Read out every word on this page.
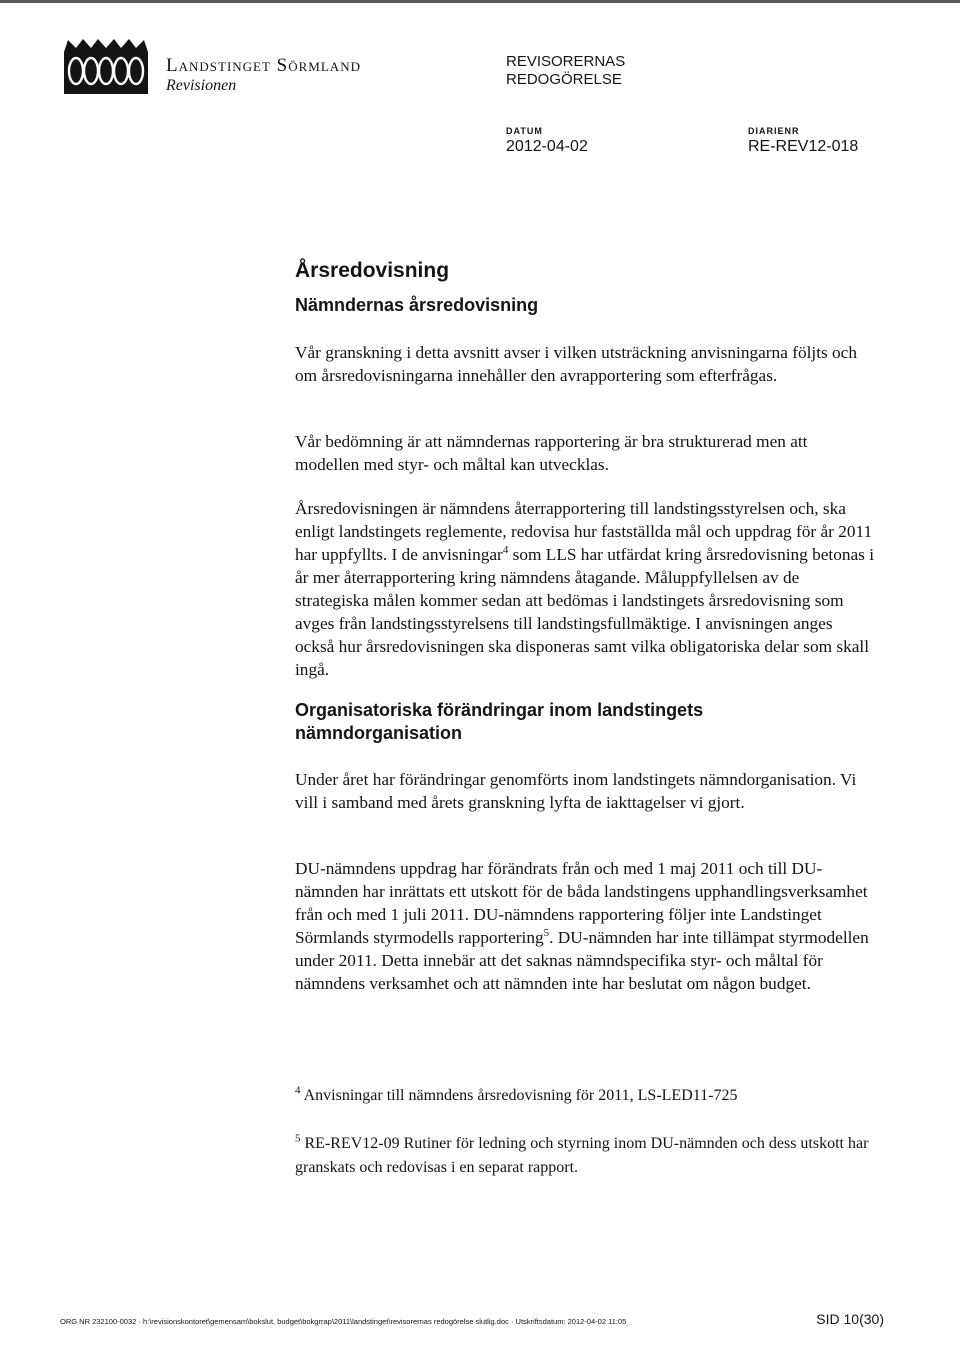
Landstinget Sörmland
Revisionen
REVISORERNAS
REDOGÖRELSE
DATUM
2012-04-02
DIARIENR
RE-REV12-018
Årsredovisning
Nämndernas årsredovisning
Vår granskning i detta avsnitt avser i vilken utsträckning anvisningarna följts och om årsredovisningarna innehåller den avrapportering som efterfrågas.
Vår bedömning är att nämndernas rapportering är bra strukturerad men att modellen med styr- och måltal kan utvecklas.
Årsredovisningen är nämndens återrapportering till landstingsstyrelsen och, ska enligt landstingets reglemente, redovisa hur fastställda mål och uppdrag för år 2011 har uppfyllts. I de anvisningar$^4$ som LLS har utfärdat kring årsredovisning betonas i år mer återrapportering kring nämndens åtagande. Måluppfyllelsen av de strategiska målen kommer sedan att bedömas i landstingets årsredovisning som avges från landstingsstyrelsens till landstingsfullmäktige. I anvisningen anges också hur årsredovisningen ska disponeras samt vilka obligatoriska delar som skall ingå.
Organisatoriska förändringar inom landstingets nämndorganisation
Under året har förändringar genomförts inom landstingets nämndorganisation. Vi vill i samband med årets granskning lyfta de iakttagelser vi gjort.
DU-nämndens uppdrag har förändrats från och med 1 maj 2011 och till DU-nämnden har inrättats ett utskott för de båda landstingens upphandlingsverksamhet från och med 1 juli 2011. DU-nämndens rapportering följer inte Landstinget Sörmlands styrmodells rapportering$^5$. DU-nämnden har inte tillämpat styrmodellen under 2011. Detta innebär att det saknas nämndspecifika styr- och måltal för nämndens verksamhet och att nämnden inte har beslutat om någon budget.
$^4$ Anvisningar till nämndens årsredovisning för 2011, LS-LED11-725
$^5$ RE-REV12-09 Rutiner för ledning och styrning inom DU-nämnden och dess utskott har granskats och redovisas i en separat rapport.
ORG NR 232100-0032 · h:\revisionskontoret\gemensam\bokslut, budget\bokgrrap\2011\landstinget\revisorernas redogörelse slutlig.doc · Utskriftsdatum: 2012-04-02 11:05	SID 10(30)
